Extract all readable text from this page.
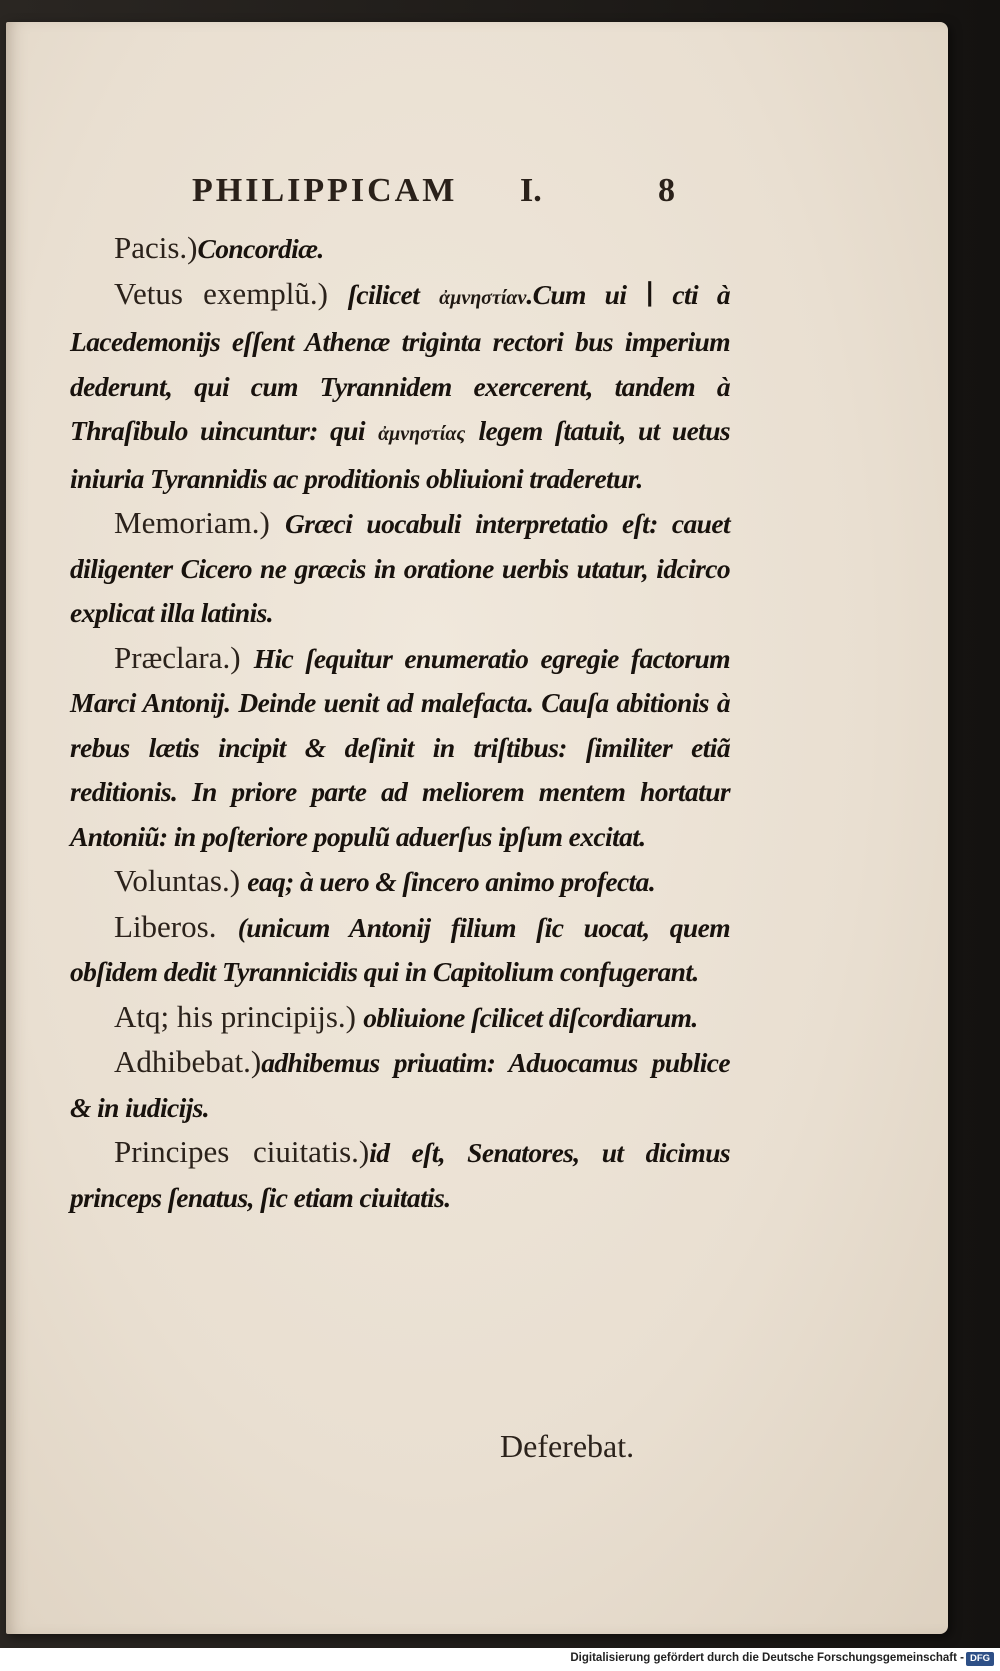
PHILIPPICAM I.	8

Pacis.)Concordiæ.

Vetus exemplũ.) ſcilicet ἀμνηστίαν.Cum ui ∣ cti à Lacedemonijs eſſent Athenæ triginta rectori bus imperium dederunt, qui cum Tyrannidem exercerent, tandem à Thraſibulo uincuntur: qui ἀμνηστίας legem ſtatuit, ut uetus iniuria Tyrannidis ac proditionis obliuioni traderetur.

Memoriam.) Græci uocabuli interpretatio eſt: cauet diligenter Cicero ne græcis in oratione uerbis utatur, idcirco explicat illa latinis.

Præclara.) Hic ſequitur enumeratio egregie factorum Marci Antonij. Deinde uenit ad malefacta. Cauſa abitionis à rebus lætis incipit & deſinit in triſtibus: ſimiliter etiã reditionis. In priore parte ad meliorem mentem hortatur Antoniũ: in poſteriore populũ aduerſus ipſum excitat.

Voluntas.) eaq; à uero & ſincero animo profecta.

Liberos. (unicum Antonij filium ſic uocat, quem obſidem dedit Tyrannicidis qui in Capitolium confugerant.

Atq; his principijs.) obliuione ſcilicet diſcordiarum.

Adhibebat.)adhibemus priuatim: Aduocamus publice & in iudicijs.

Principes ciuitatis.)id eſt, Senatores, ut dicimus princeps ſenatus, ſic etiam ciuitatis.

Deferebat.
Digitalisierung gefördert durch die Deutsche Forschungsgemeinschaft - DFG
